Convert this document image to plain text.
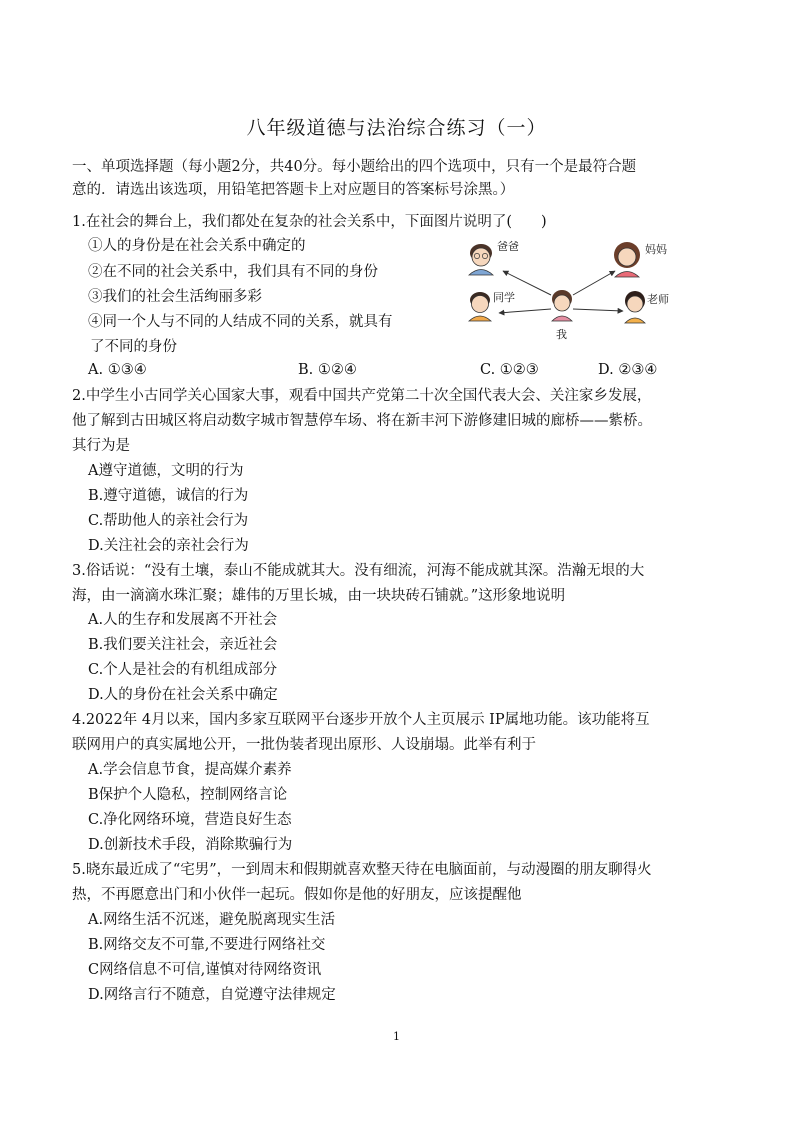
八年级道德与法治综合练习（一）
一、单项选择题（每小题2分，共40分。每小题给出的四个选项中，只有一个是最符合题
意的．请选出该选项，用铅笔把答题卡上对应题目的答案标号涂黑。）
1.在社会的舞台上，我们都处在复杂的社会关系中，下面图片说明了(　　)
①人的身份是在社会关系中确定的
②在不同的社会关系中，我们具有不同的身份
③我们的社会生活绚丽多彩
④同一个人与不同的人结成不同的关系，就具有
了不同的身份
爸爸	妈妈
同学	老师
我
A. ①③④	B. ①②④	C. ①②③	D. ②③④
2.中学生小古同学关心国家大事，观看中国共产党第二十次全国代表大会、关注家乡发展，
他了解到古田城区将启动数字城市智慧停车场、将在新丰河下游修建旧城的廊桥——紫桥。
其行为是
A遵守道德，文明的行为
B.遵守道德，诚信的行为
C.帮助他人的亲社会行为
D.关注社会的亲社会行为
3.俗话说：“没有土壤，泰山不能成就其大。没有细流，河海不能成就其深。浩瀚无垠的大
海，由一滴滴水珠汇聚；雄伟的万里长城，由一块块砖石铺就。”这形象地说明
A.人的生存和发展离不开社会
B.我们要关注社会，亲近社会
C.个人是社会的有机组成部分
D.人的身份在社会关系中确定
4.2022年 4月以来，国内多家互联网平台逐步开放个人主页展示 IP属地功能。该功能将互
联网用户的真实属地公开，一批伪装者现出原形、人设崩塌。此举有利于
A.学会信息节食，提高媒介素养
B保护个人隐私，控制网络言论
C.净化网络环境，营造良好生态
D.创新技术手段，消除欺骗行为
5.晓东最近成了“宅男”，一到周末和假期就喜欢整天待在电脑面前，与动漫圈的朋友聊得火
热，不再愿意出门和小伙伴一起玩。假如你是他的好朋友，应该提醒他
A.网络生活不沉迷，避免脱离现实生活
B.网络交友不可靠,不要进行网络社交
C网络信息不可信,谨慎对待网络资讯
D.网络言行不随意，自觉遵守法律规定
1
